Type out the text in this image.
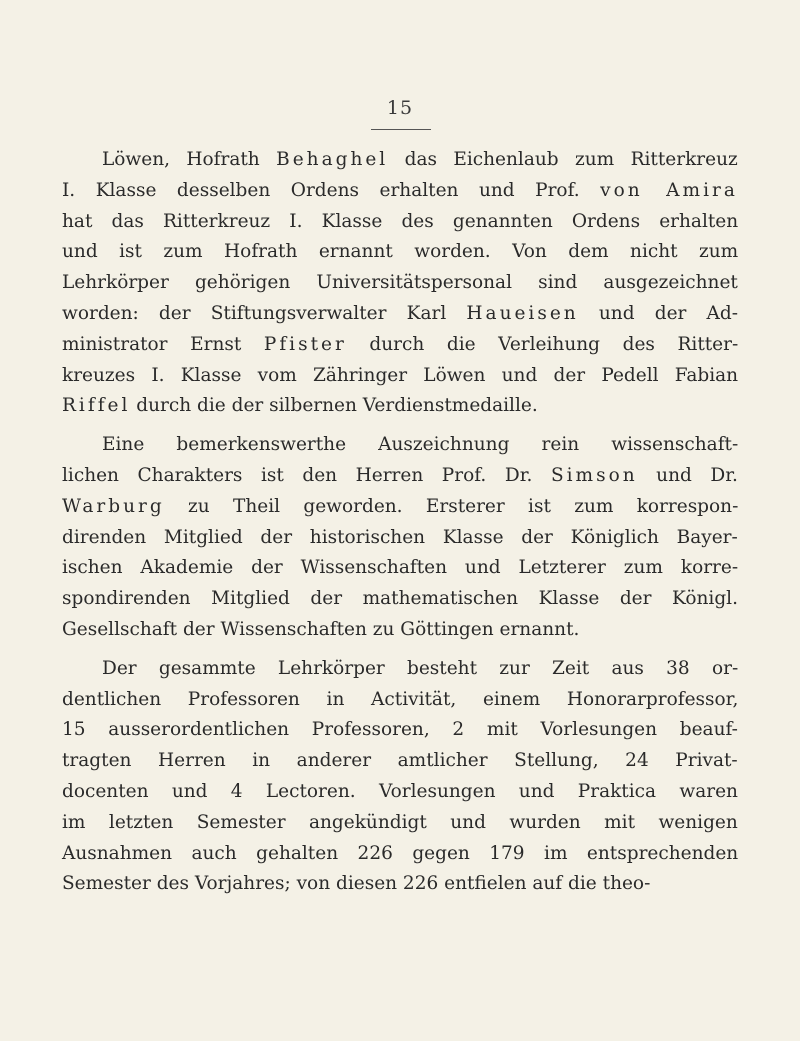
15
Löwen, Hofrath Behaghel das Eichenlaub zum Ritterkreuz
I. Klasse desselben Ordens erhalten und Prof. von Amira
hat das Ritterkreuz I. Klasse des genannten Ordens erhalten
und ist zum Hofrath ernannt worden. Von dem nicht zum
Lehrkörper gehörigen Universitätspersonal sind ausgezeichnet
worden: der Stiftungsverwalter Karl Haueisen und der Ad-
ministrator Ernst Pfister durch die Verleihung des Ritter-
kreuzes I. Klasse vom Zähringer Löwen und der Pedell Fabian
Riffel durch die der silbernen Verdienstmedaille.
Eine bemerkenswerthe Auszeichnung rein wissenschaft-
lichen Charakters ist den Herren Prof. Dr. Simson und Dr.
Warburg zu Theil geworden. Ersterer ist zum korrespon-
direnden Mitglied der historischen Klasse der Königlich Bayer-
ischen Akademie der Wissenschaften und Letzterer zum korre-
spondirenden Mitglied der mathematischen Klasse der Königl.
Gesellschaft der Wissenschaften zu Göttingen ernannt.
Der gesammte Lehrkörper besteht zur Zeit aus 38 or-
dentlichen Professoren in Activität, einem Honorarprofessor,
15 ausserordentlichen Professoren, 2 mit Vorlesungen beauf-
tragten Herren in anderer amtlicher Stellung, 24 Privat-
docenten und 4 Lectoren. Vorlesungen und Praktica waren
im letzten Semester angekündigt und wurden mit wenigen
Ausnahmen auch gehalten 226 gegen 179 im entsprechenden
Semester des Vorjahres; von diesen 226 entfielen auf die theo-
